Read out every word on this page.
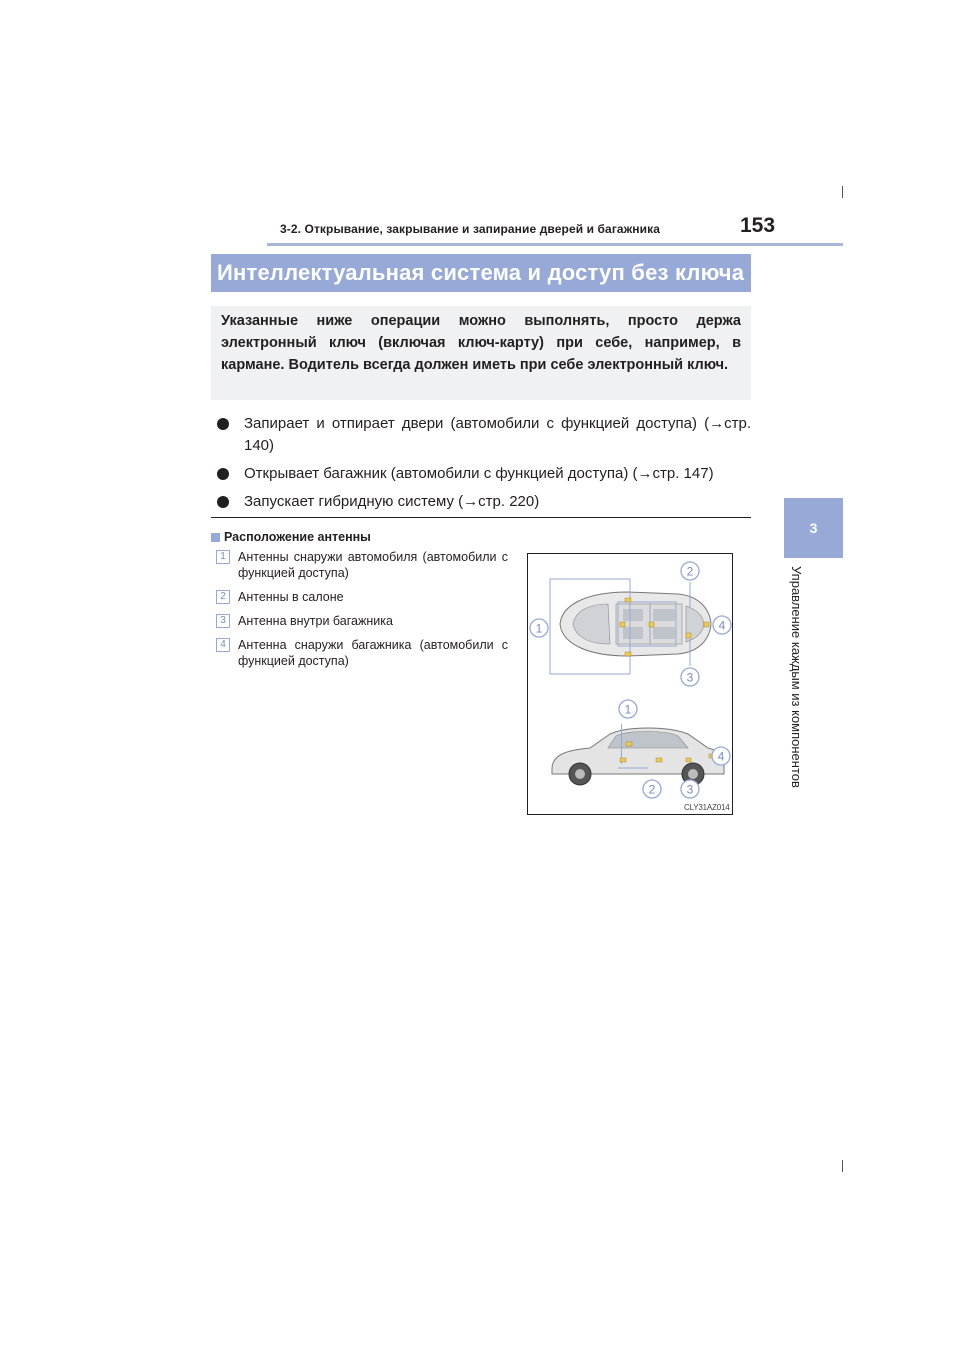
3-2. Открывание, закрывание и запирание дверей и багажника	153
3
Управление каждым из компонентов
Интеллектуальная система и доступ без ключа
Указанные ниже операции можно выполнять, просто держа электронный ключ (включая ключ-карту) при себе, например, в кармане. Водитель всегда должен иметь при себе электронный ключ.
Запирает и отпирает двери (автомобили с функцией доступа) (→стр. 140)
Открывает багажник (автомобили с функцией доступа) (→стр. 147)
Запускает гибридную систему (→стр. 220)
Расположение антенны
1 Антенны снаружи автомобиля (автомобили с функцией доступа)
2 Антенны в салоне
3 Антенна внутри багажника
4 Антенна снаружи багажника (автомобили с функцией доступа)
1
2
3
4
1
2	3
4
CLY31AZ014
